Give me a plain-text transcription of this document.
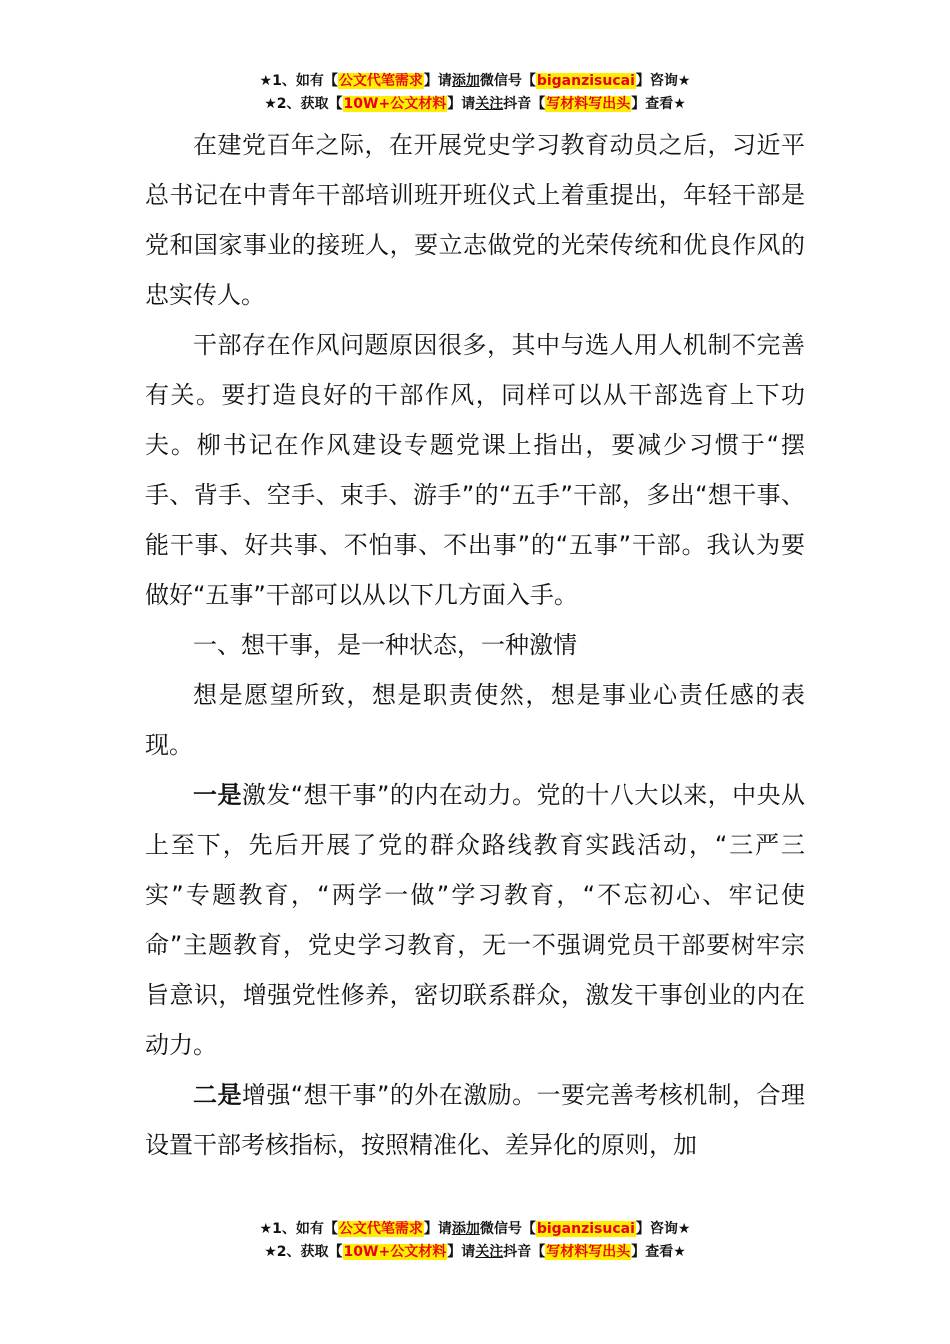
★1、如有【公文代笔需求】请添加微信号【biganzisucai】咨询★
★2、获取【10W+公文材料】请关注抖音【写材料写出头】查看★

在建党百年之际，在开展党史学习教育动员之后，习近平总书记在中青年干部培训班开班仪式上着重提出，年轻干部是党和国家事业的接班人，要立志做党的光荣传统和优良作风的忠实传人。

干部存在作风问题原因很多，其中与选人用人机制不完善有关。要打造良好的干部作风，同样可以从干部选育上下功夫。柳书记在作风建设专题党课上指出，要减少习惯于“摆手、背手、空手、束手、游手”的“五手”干部，多出“想干事、能干事、好共事、不怕事、不出事”的“五事”干部。我认为要做好“五事”干部可以从以下几方面入手。

一、想干事，是一种状态，一种激情

想是愿望所致，想是职责使然，想是事业心责任感的表现。

一是激发“想干事”的内在动力。党的十八大以来，中央从上至下，先后开展了党的群众路线教育实践活动，“三严三实”专题教育，“两学一做”学习教育，“不忘初心、牢记使命”主题教育，党史学习教育，无一不强调党员干部要树牢宗旨意识，增强党性修养，密切联系群众，激发干事创业的内在动力。

二是增强“想干事”的外在激励。一要完善考核机制，合理设置干部考核指标，按照精准化、差异化的原则，加

★1、如有【公文代笔需求】请添加微信号【biganzisucai】咨询★
★2、获取【10W+公文材料】请关注抖音【写材料写出头】查看★
